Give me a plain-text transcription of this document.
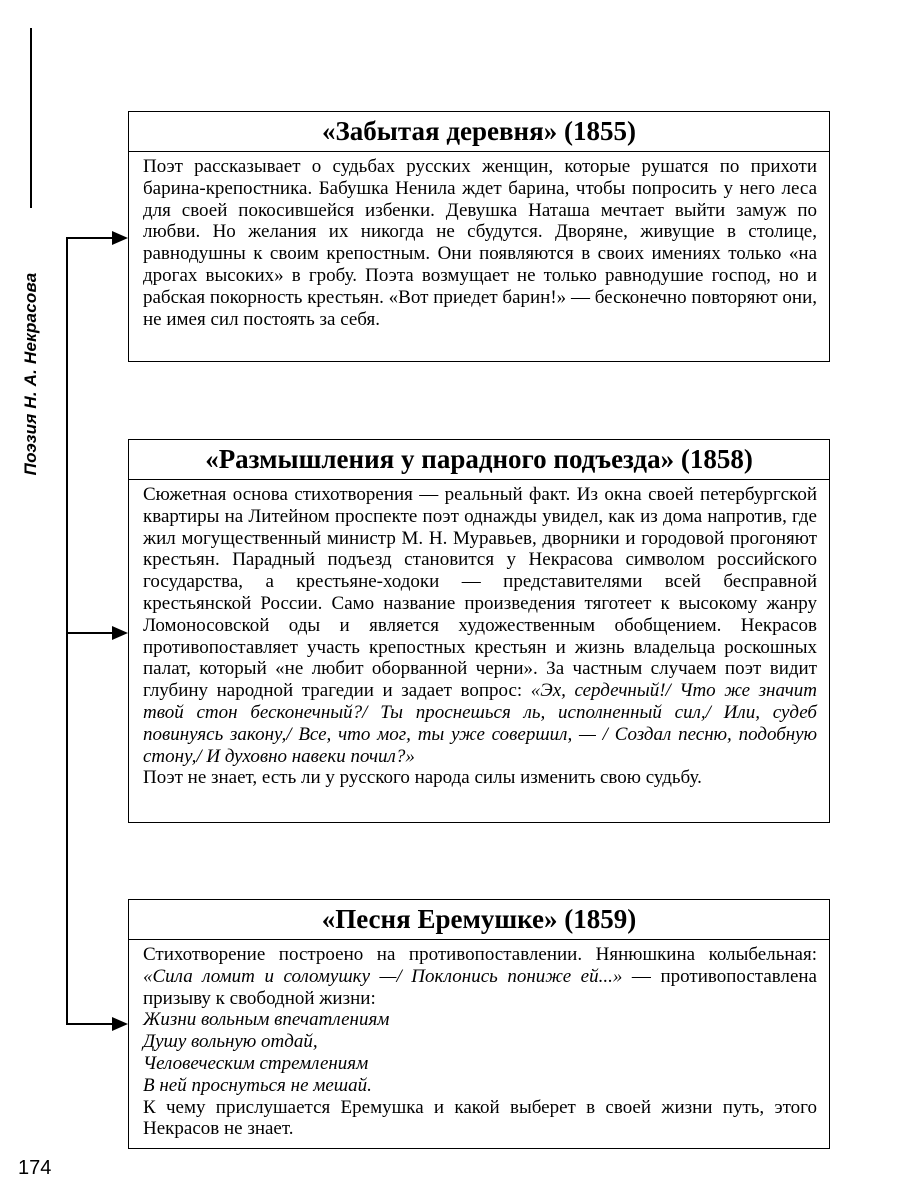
Поэзия Н. А. Некрасова
«Забытая деревня» (1855)

Поэт рассказывает о судьбах русских женщин, которые рушатся по прихоти барина-крепостника. Бабушка Ненила ждет барина, чтобы попросить у него леса для своей покосившейся избенки. Девушка Наташа мечтает выйти замуж по любви. Но желания их никогда не сбудутся. Дворяне, живущие в столице, равнодушны к своим крепостным. Они появляются в своих имениях только «на дрогах высоких» в гробу. Поэта возмущает не только равнодушие господ, но и рабская покорность крестьян. «Вот приедет барин!» — бесконечно повторяют они, не имея сил постоять за себя.

«Размышления у парадного подъезда» (1858)

Сюжетная основа стихотворения — реальный факт. Из окна своей петербургской квартиры на Литейном проспекте поэт однажды увидел, как из дома напротив, где жил могущественный министр М. Н. Муравьев, дворники и городовой прогоняют крестьян. Парадный подъезд становится у Некрасова символом российского государства, а крестьяне-ходоки — представителями всей бесправной крестьянской России. Само название произведения тяготеет к высокому жанру Ломоносовской оды и является художественным обобщением. Некрасов противопоставляет участь крепостных крестьян и жизнь владельца роскошных палат, который «не любит оборванной черни». За частным случаем поэт видит глубину народной трагедии и задает вопрос: «Эх, сердечный!/ Что же значит твой стон бесконечный?/ Ты проснешься ль, исполненный сил,/ Или, судеб повинуясь закону,/ Все, что мог, ты уже совершил, — / Создал песню, подобную стону,/ И духовно навеки почил?»

Поэт не знает, есть ли у русского народа силы изменить свою судьбу.

«Песня Еремушке» (1859)

Стихотворение построено на противопоставлении. Нянюшкина колыбельная: «Сила ломит и соломушку —/ Поклонись пониже ей...» — противопоставлена призыву к свободной жизни:

Жизни вольным впечатлениям

Душу вольную отдай,

Человеческим стремлениям

В ней проснуться не мешай.

К чему прислушается Еремушка и какой выберет в своей жизни путь, этого Некрасов не знает.

174
